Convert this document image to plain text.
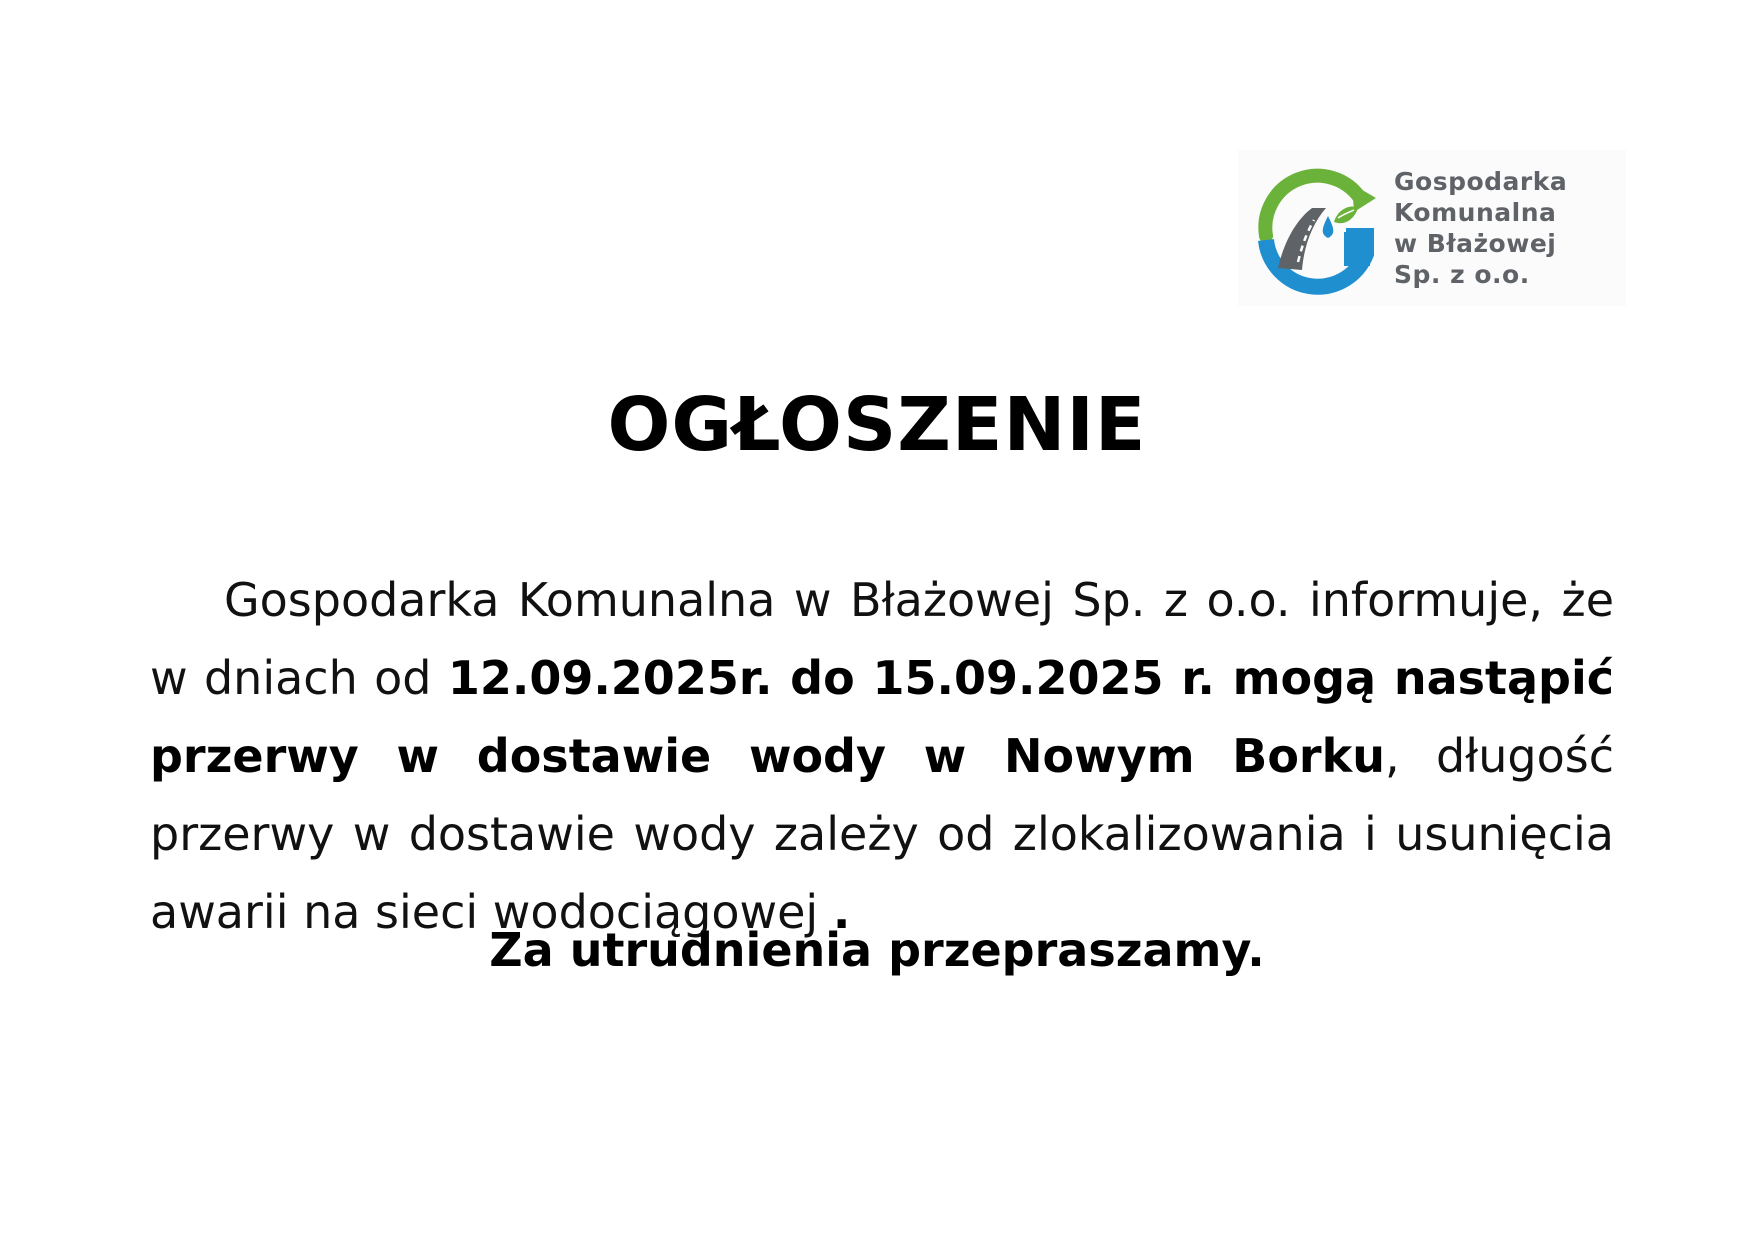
Gospodarka
Komunalna
w Błażowej
Sp. z o.o.
OGŁOSZENIE

Gospodarka Komunalna w Błażowej Sp. z o.o. informuje, że w dniach od 12.09.2025r. do 15.09.2025 r. mogą nastąpić przerwy w dostawie wody w Nowym Borku, długość przerwy w dostawie wody zależy od zlokalizowania i usunięcia awarii na sieci wodociągowej .

Za utrudnienia przepraszamy.
